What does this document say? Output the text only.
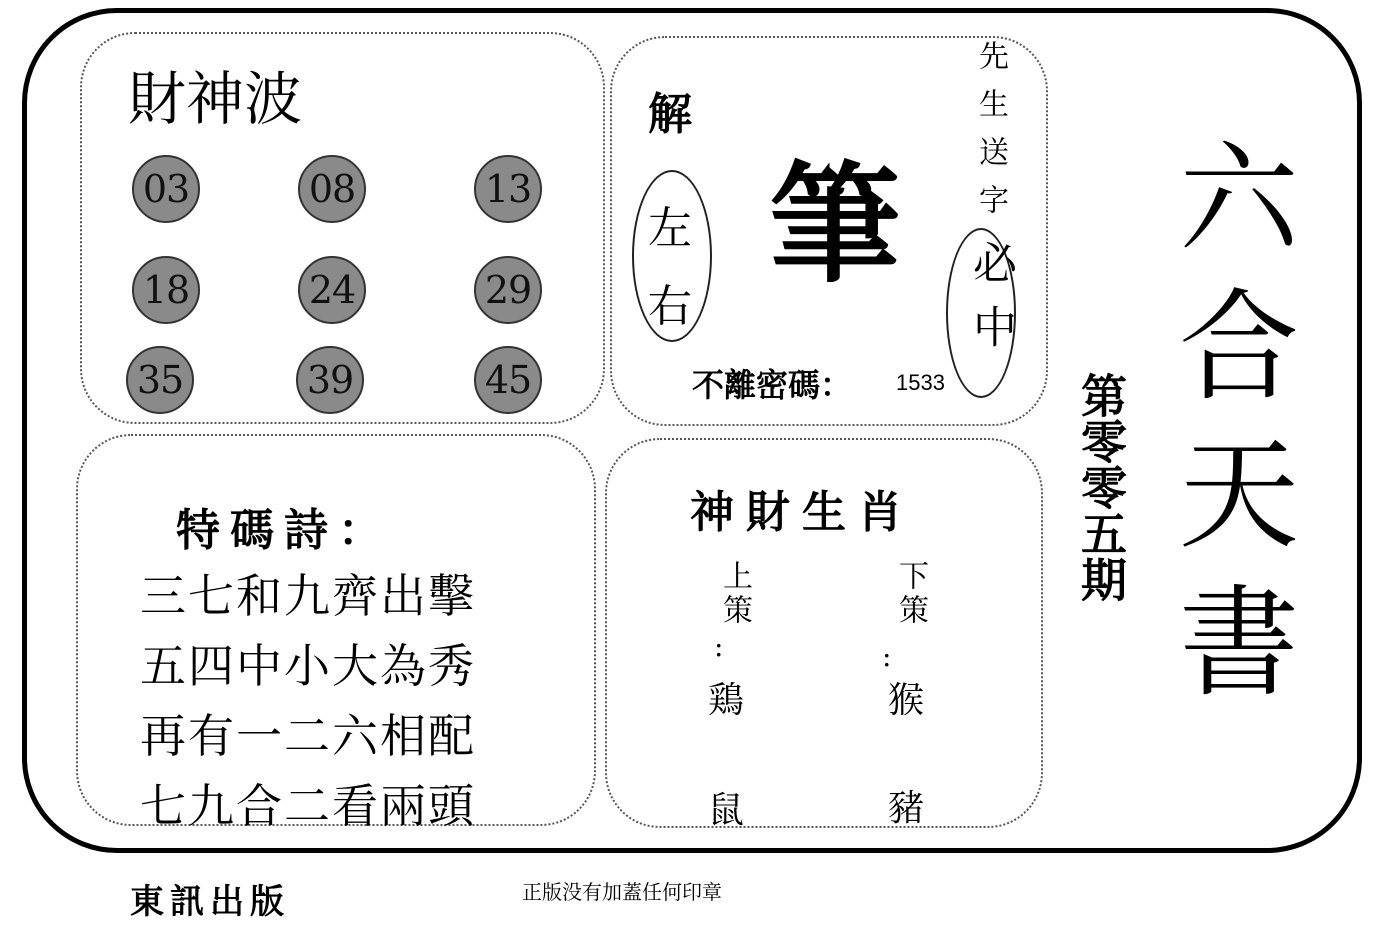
財神波
03	08	13
18	24	29
35	39	45
解
左
右
筆 先生送字
必中
不離密碼： 1533
特碼詩：
三七和九齊出擊
五四中小大為秀
再有一二六相配
七九合二看兩頭
神財生肖
上策
:
鶏
鼠
下策
:
猴
豬
第零零五期 六合天書
東訊出版	正版没有加蓋任何印章
